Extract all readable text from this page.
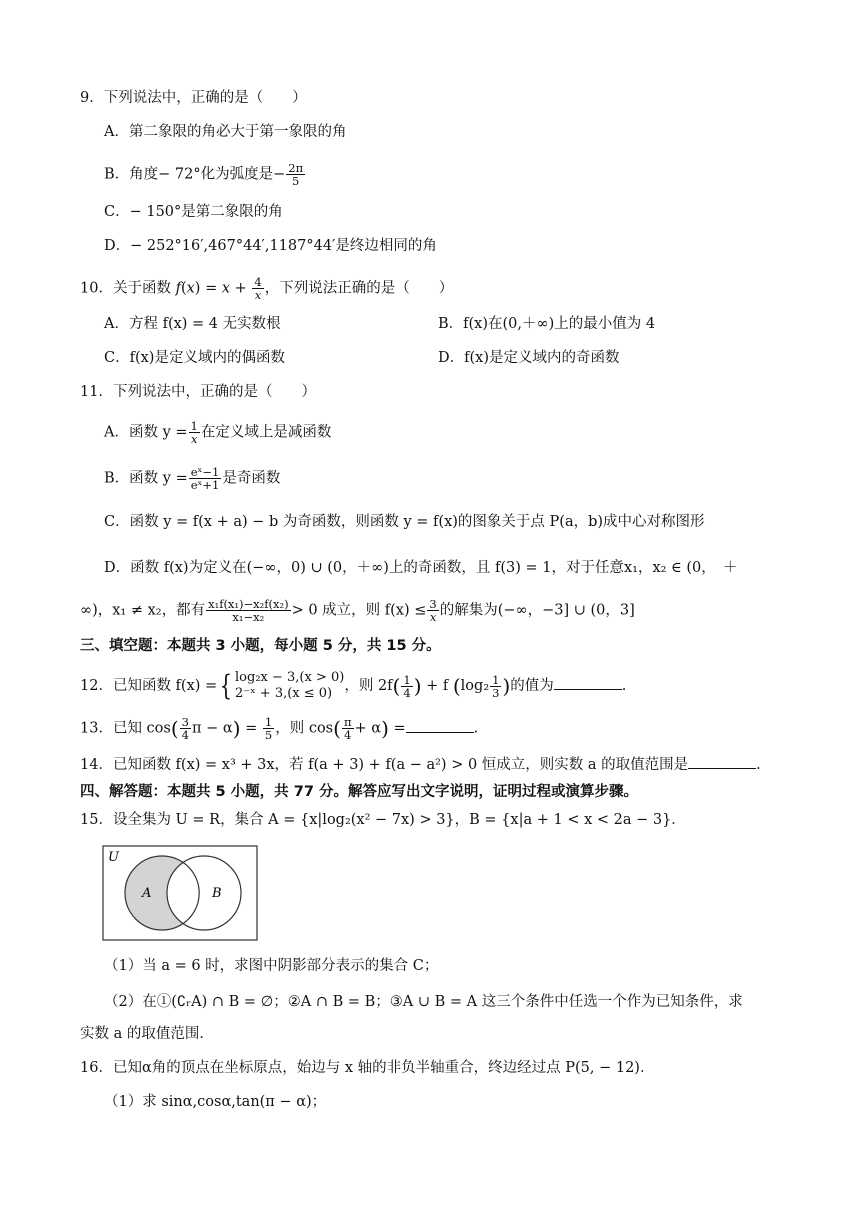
9．下列说法中，正确的是（　　）
A．第二象限的角必大于第一象限的角
B．角度− 72°化为弧度是− $\frac{2\pi}{5}$
C．− 150°是第二象限的角
D．− 252°16′,467°44′,1187°44′是终边相同的角
10．关于函数 $f(x) = x + \frac{4}{x}$ ，下列说法正确的是（　　）
A．方程 f(x) = 4 无实数根	B．f(x)在(0,＋∞)上的最小值为 4
C．f(x)是定义域内的偶函数	D．f(x)是定义域内的奇函数
11．下列说法中，正确的是（　　）
A．函数 $y = \frac{1}{x}$ 在定义域上是减函数
B．函数 $y = \frac{\text{eˣ−1}}{\text{eˣ+1}}$ 是奇函数
C．函数 y = f(x + a) − b 为奇函数，则函数 y = f(x)的图象关于点 P(a，b)成中心对称图形
D．函数 f(x)为定义在(−∞，0) ∪ (0，＋∞)上的奇函数，且 f(3) = 1，对于任意x₁，x₂ ∈ (0，　＋
∞)，x₁ ≠ x₂，都有 $\frac{\text{x₁f(x₁)−x₂f(x₂)}}{\text{x₁−x₂}} > 0$ 成立，则 $f(x) \le \frac{3}{x}$ 的解集为(−∞，−3] ∪ (0，3]
三、填空题：本题共 3 小题，每小题 5 分，共 15 分。
12．已知函数 f(x) ={ log₂x − 3,(x > 0)
2⁻ˣ + 3,(x ≤ 0) ，则 $2f( \frac{1}{4}$ ) + f ($\log_2 \frac{1}{3}$ )的值为	.
13．已知 $\cos( \frac{3}{4}$ $\pi - \alpha) = \frac{1}{5}$ ，则 $\cos( \frac{\pi}{4} + \alpha)$ =	.
14．已知函数 f(x) = x³ + 3x，若 f(a + 3) + f(a − a²) > 0 恒成立，则实数 a 的取值范围是	.
四、解答题：本题共 5 小题，共 77 分。解答应写出文字说明，证明过程或演算步骤。
15．设全集为 U = R，集合 A = {x|log₂(x² − 7x) > 3}，B = {x|a + 1 < x < 2a − 3}．
U
A	B
（1）当 a = 6 时，求图中阴影部分表示的集合 C；
（2）在①(∁ᵣA) ∩ B = ∅；②A ∩ B = B；③A ∪ B = A 这三个条件中任选一个作为已知条件，求
实数 a 的取值范围．
16．已知α角的顶点在坐标原点，始边与 x 轴的非负半轴重合，终边经过点 P(5, − 12)．
（1）求 sinα,cosα,tan(π − α)；
